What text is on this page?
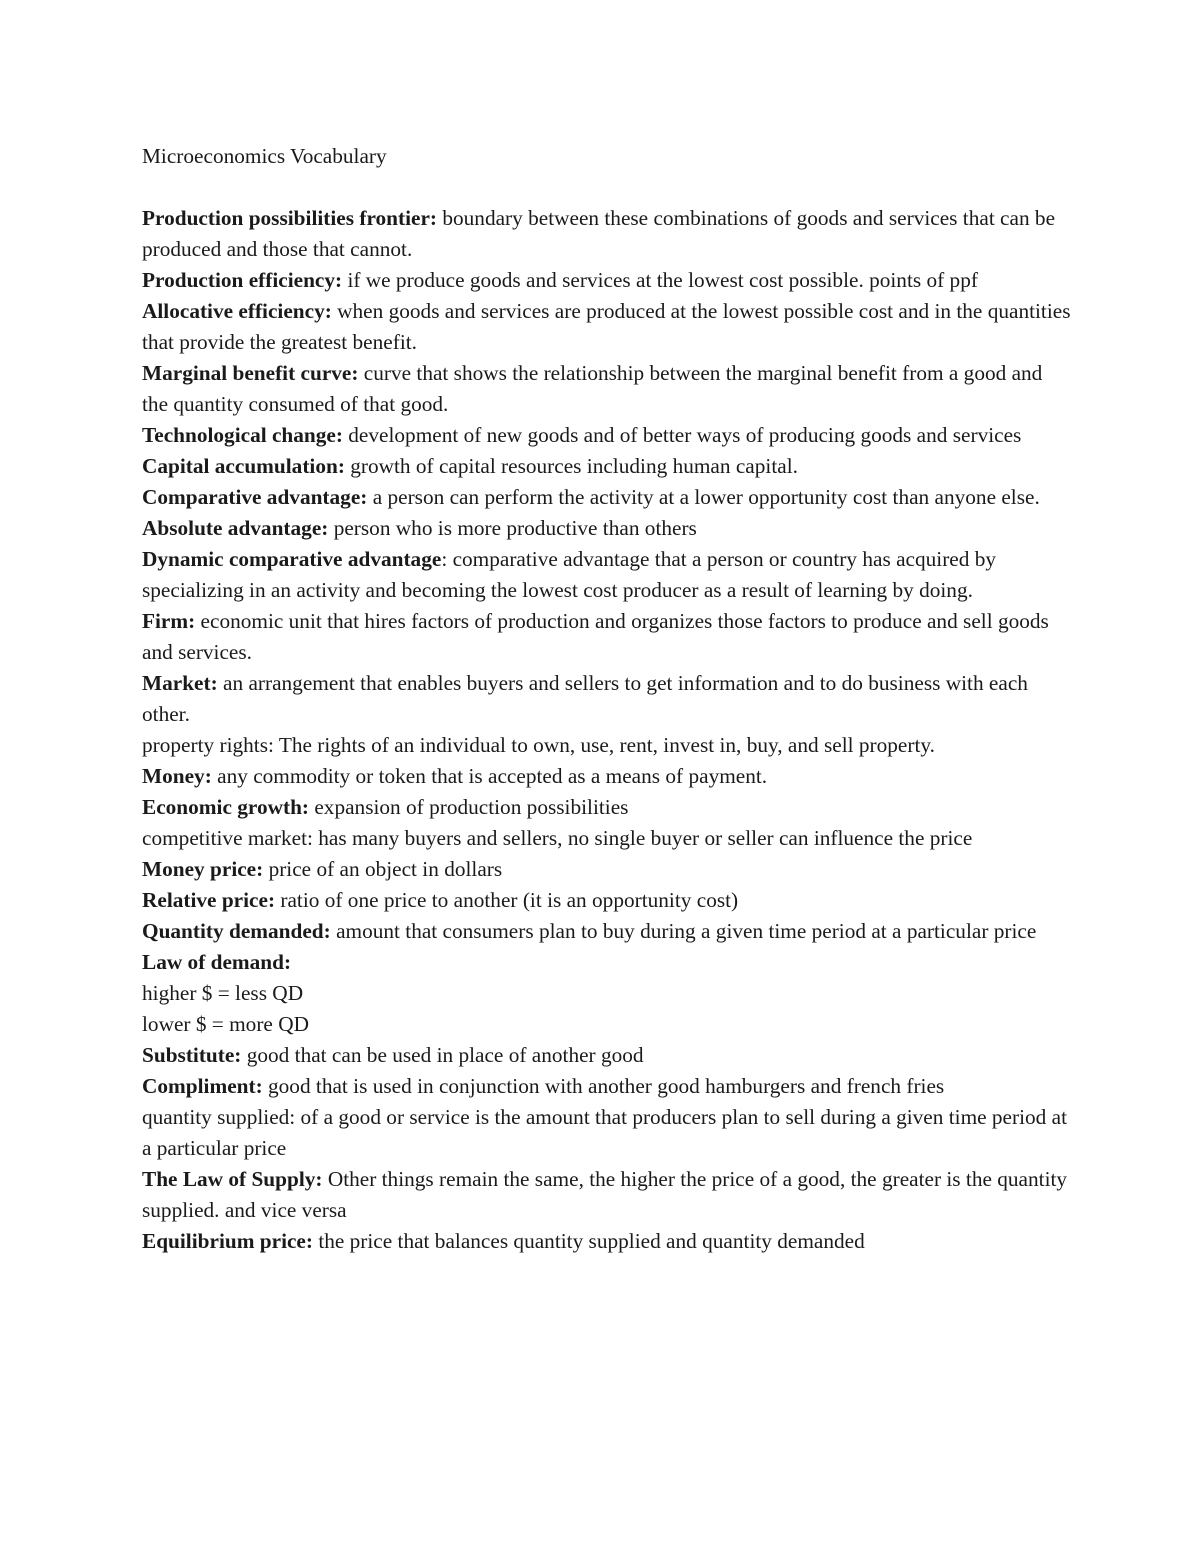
Microeconomics Vocabulary

Production possibilities frontier: boundary between these combinations of goods and services that can be produced and those that cannot.

Production efficiency: if we produce goods and services at the lowest cost possible. points of ppf

Allocative efficiency: when goods and services are produced at the lowest possible cost and in the quantities that provide the greatest benefit.

Marginal benefit curve: curve that shows the relationship between the marginal benefit from a good and the quantity consumed of that good.

Technological change: development of new goods and of better ways of producing goods and services

Capital accumulation: growth of capital resources including human capital.

Comparative advantage: a person can perform the activity at a lower opportunity cost than anyone else.

Absolute advantage: person who is more productive than others

Dynamic comparative advantage: comparative advantage that a person or country has acquired by specializing in an activity and becoming the lowest cost producer as a result of learning by doing.

Firm: economic unit that hires factors of production and organizes those factors to produce and sell goods and services.

Market: an arrangement that enables buyers and sellers to get information and to do business with each other.

property rights: The rights of an individual to own, use, rent, invest in, buy, and sell property.

Money: any commodity or token that is accepted as a means of payment.

Economic growth: expansion of production possibilities

competitive market: has many buyers and sellers, no single buyer or seller can influence the price

Money price: price of an object in dollars

Relative price: ratio of one price to another (it is an opportunity cost)

Quantity demanded: amount that consumers plan to buy during a given time period at a particular price

Law of demand:

higher $ = less QD

lower $ = more QD

Substitute: good that can be used in place of another good

Compliment: good that is used in conjunction with another good hamburgers and french fries

quantity supplied: of a good or service is the amount that producers plan to sell during a given time period at a particular price

The Law of Supply: Other things remain the same, the higher the price of a good, the greater is the quantity supplied. and vice versa

Equilibrium price: the price that balances quantity supplied and quantity demanded
